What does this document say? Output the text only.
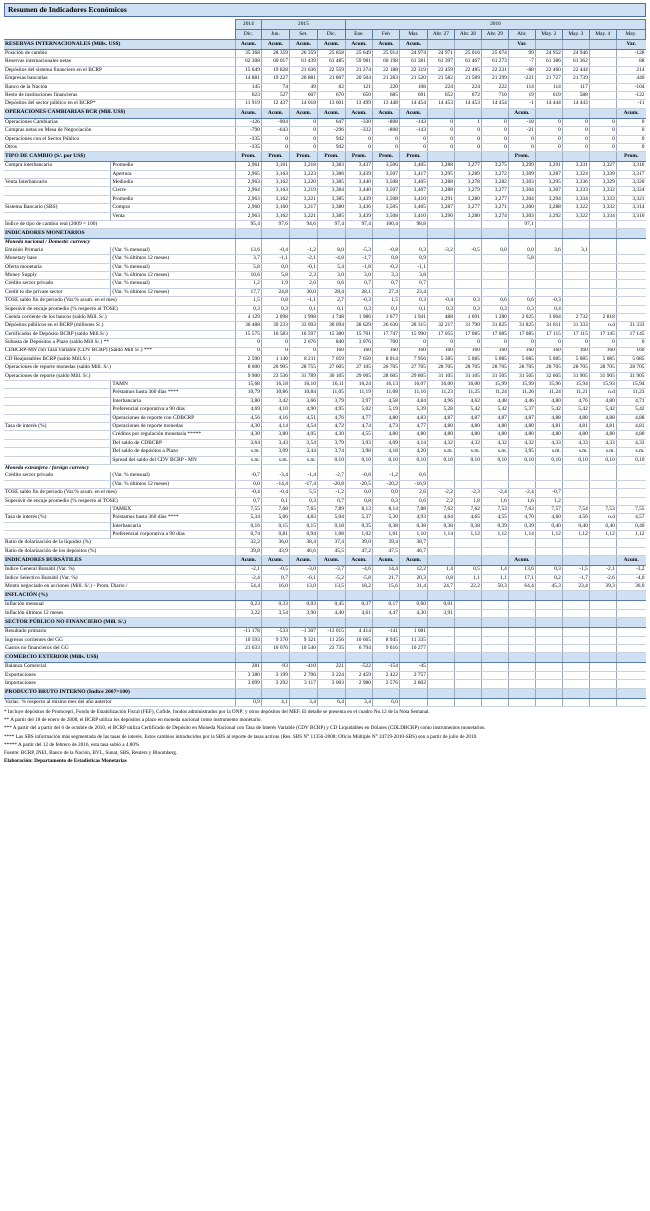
Resumen de Indicadores Económicos
		2014	2015			2016										
		Dic.	Jun.	Set.	Dic.	Ene.	Feb	Mar.	Abr. 27	Abr. 28	Abr. 29	Abr.	May. 2	May. 3	May. 4	May.
RESERVAS INTERNACIONALES (Mills. US$)		Acum.	Acum.	Acum.	Acum.	Acum.	Acum.	Acum.				Var.				Var.
Posición de cambio		35 368	28 359	26 359	25 858	25 649	25 014	24 974	24 971	25 016	25 074	99	24 952	24 946		-128
Reservas internacionales netas		62 308	60 017	61 439	61 485	59 981	60 198	61 281	61 397	61 467	61 273	-7	61 386	61 362		88
Depósitos del sistema financiero en el BCRP		15 649	19 828	21 636	22 559	21 274	22 188	22 319	22 459	22 485	22 231	-88	22 460	22 444		214
Empresas bancarias		14 881	19 227	20 881	21 807	20 504	21 283	21 520	21 582	21 589	21 299	-221	21 727	21 739		440
Banco de la Nación		145	74	49	82	121	220	108	224	224	222	114	114	117		-104
Resto de instituciones financieras		623	527	607	670	650	685	691	652	672	710	19	619	588		-122
Depósitos del sector público en el BCRP*		11 919	12 437	14 018	13 601	13 499	13 448	14 454	14 453	14 453	14 454	-1	14 444	14 443		-11
OPERACIONES CAMBIARIAS BCR (Mill. US$)		Acum.	Acum.	Acum.	Acum.	Acum.	Acum.	Acum.				Acum.				Acum.
Operaciones Cambiarias		-126	-904	0	647	-330	-808	-143	0	1	0	-18	0	0	0	0
Compras netas en Mesa de Negociación		-790	-643	0	-296	-332	-808	-143	0	0	0	-21	0	0	0	0
Operaciones con el Sector Público		-335	0	0	942	0	0	0	0	0	0	0	0	0	0	0
Otros		-335	0	0	942	0	0	0	0	0	0	0	0	0	0	0
TIPO DE CAMBIO (S/. por US$)		Prom.	Prom.	Prom.	Prom.	Prom.	Prom.	Prom.				Prom.				Prom.
Compra interbancario	Promedio	2,961	3,161	3,218	3,383	3,437	3,506	3,405	3,288	3,277	3,275	3,299	3,291	3,331	3,327	3,316
	Apertura	2,965	3,163	3,223	3,386	3,439	3,507	3,417	3,295	3,289	3,272	3,309	3,287	3,324	3,339	3,317
Venta Interbancario	Mediodía	2,963	3,162	3,220	3,385	3,440	3,508	3,405	3,288	3,278	3,282	3,303	3,295	3,336	3,329	3,320
	Cierre	2,964	3,163	3,219	3,384	3,440	3,507	3,407	3,288	3,279	3,277	3,304	3,307	3,333	3,332	3,324
	Promedio	2,963	3,162	3,221	3,385	3,439	3,508	3,410	3,291	3,280	3,277	3,304	3,294	3,334	3,333	3,321
Sistema Bancario (SBS)	Compra	2,960	3,160	3,217	3,380	3,436	3,505	3,405	3,287	3,277	3,271	3,300	3,288	3,322	3,332	3,314
	Venta	2,963	3,162	3,221	3,385	3,439	3,508	3,410	3,290	3,280	3,274	3,303	3,292	3,322	3,334	3,316
Índice de tipo de cambio real (2009 = 100)		95,4	97,6	94,6	97,4	97,4	100,4	98,8				97,1				
INDICADORES MONETARIOS																
Moneda nacional / Domestic currency																
Emisión Primaria	(Var. % mensual)	13,6	-0,4	-1,2	8,0	-5,3	-0,8	0,3	-3,2	-0,5	0,0	0,0	3,6	3,1		
Monetary base	(Var. % últimos 12 meses)	3,7	-1,1	-2,1	-4,8	-1,7	0,8	0,9				5,8				
Oferta monetaria	(Var. % mensual)	5,8	0,0	-0,1	5,4	-1,8	-0,2	-1,1								
Money Supply	(Var. % últimos 12 meses)	10,6	5,8	2,3	3,0	3,0	3,3	3,8								
Crédito sector privado	(Var. % mensual)	1,2	1,9	2,6	0,6	0,7	0,7	0,7								
Credit to the private sector	(Var. % últimos 12 meses)	17,7	24,8	30,0	28,4	28,1	27,4	23,4								
TOSE saldo fin de periodo (Var.% acum. en el mes)		1,5	0,8	-1,1	2,7	-0,3	1,5	0,3	-0,4	0,3	0,6	0,6	-0,3			
Superávit de encaje promedio (% respecto al TOSE)		0,3	0,3	0,1	0,1	0,3	0,1	0,1	0,3	0,3	0,3	0,3	0,4			
Cuenta corriente de los bancos (saldo Mill. S/.)		4 129	2 098	1 998	1 748	1 986	1 677	1 941	488	1 691	1 280	2 025	3 064	2 732	2 818	
Depósitos públicos en el BCRP (millones S/.)		36 488	39 233	33 693	30 694	28 629	26 630	28 315	32 217	31 790	31 825	31 825	31 811	31 333	n.d	31 333
Certificados de Depósito BCRP (saldo Mill.S/.)		15 575	16 583	16 597	15 380	15 701	17 747	15 990	17 055	17 085	17 085	17 085	17 115	17 115	17 145	17 145
Subasta de Depósitos a Plazo (saldo Mill S/.) **		0	0	2 676	840	3 076	700	0	0	0	0	0	0	0	0	0
CDBCRP-MN con Tasa Variable (CDV BCRP) (Saldo Mill S/.) ***		0	0	0	160	160	160	160	160	160	160	160	160	160	160	160
CD Reajustables BCRP (saldo Mill.S/.)		2 590	1 140	8 211	7 059	7 650	8 014	7 956	5 385	5 085	5 085	5 085	5 085	5 085	5 085	5 085
Operaciones de reporte monedas (saldo Mill. S/.)		8 600	20 905	28 755	27 605	27 105	26 705	27 705	28 705	28 705	28 705	28 705	28 705	28 705	28 705	28 705
Operaciones de reporte (saldo Mill. S/.)		9 900	23 536	31 789	30 105	29 005	28 605	29 805	31 105	31 105	31 505	31 505	32 605	31 905	31 905	31 905
	TAMN	15,68	16,18	16,10	16,11	16,24	16,13	16,07	16,00	16,00	15,99	15,99	15,96	15,94	15,93	15,94
	Préstamos hasta 360 días ****	10,79	10,86	10,84	11,05	11,19	11,08	11,16	11,23	11,25	11,24	11,26	11,24	11,21	n.d	11,23
	Interbancaria	3,80	3,42	3,66	3,79	3,97	4,58	4,84	4,96	4,62	4,48	4,46	4,80	4,76	4,80	4,71
	Preferencial corporativa a 90 días	4,69	4,10	4,90	4,95	5,02	5,19	5,39	5,28	5,42	5,42	5,37	5,42	5,42	5,42	5,42
	Operaciones de reporte con CDBCRP	4,56	4,16	4,51	4,76	4,77	4,80	4,83	4,87	4,87	4,87	4,87	4,88	4,88	4,88	4,88
Tasa de interés (%)	Operaciones de reporte monedas	4,30	4,14	4,54	4,72	4,74	4,73	4,77	4,80	4,80	4,80	4,80	4,81	4,81	4,81	4,81
	Créditos por regulación monetaria *****	4,30	3,80	4,05	4,30	4,55	4,80	4,80	4,80	4,80	4,80	4,80	4,80	4,80	4,80	4,80
	Del saldo de CDBCRP	3,64	3,43	3,54	3,79	3,93	4,09	4,14	4,32	4,32	4,32	4,32	4,33	4,33	4,33	4,33
	Del saldo de depósitos a Plazo	s.m.	3,09	3,44	3,74	3,98	4,18	4,20	s.m.	s.m.	s.m.	3,95	s.m.	s.m.	s.m.	s.m.
	Spread del saldo del CDV BCRP - MN	s.m.	s.m.	s.m.	0,10	0,10	0,10	0,10	0,10	0,10	0,10	0,10	0,10	0,10	0,10	0,10
Moneda extranjera / foreign currency																
Crédito sector privado	(Var. % mensual)	-0,7	-3,4	-1,4	-2,7	-0,6	-1,2	0,6								
	(Var. % últimos 12 meses)	0,0	-14,4	-17,4	-20,8	-20,5	-20,2	-16,9								
TOSE saldo fin de periodo (Var.% acum. en el mes)		-0,4	-0,4	5,5	-1,2	0,0	0,0	2,6	-2,2	-2,3	-2,4	-2,4	-0,7			
Superávit de encaje promedio (% respecto al TOSE)		0,7	0,1	0,3	0,7	0,8	0,3	0,6	2,2	1,8	1,6	1,6	1,2			
	TAMEX	7,55	7,68	7,65	7,89	8,13	8,14	7,88	7,62	7,62	7,53	7,63	7,57	7,54	7,53	7,55
Tasa de interés (%)	Préstamos hasta 360 días ****	5,34	5,06	4,83	5,04	5,37	5,30	4,93	4,64	4,65	4,55	4,70	4,60	4,56	n.d	4,57
	Interbancaria	0,16	0,15	0,15	0,18	0,35	0,38	0,38	0,38	0,38	0,39	0,39	0,40	0,40	0,40	0,40
	Preferencial corporativa a 90 días	0,74	0,81	0,94	1,08	1,02	1,01	1,10	1,14	1,12	1,12	1,14	1,12	1,12	1,12	1,12
Ratio de dolarización de la liquidez (%)		32,2	36,0	38,4	37,4	39,0	39,4	38,7								
Ratio de dolarización de los depósitos (%)		39,8	43,9	46,6	45,5	47,2	47,5	46,7								
INDICADORES BURSÁTILES		Acum.	Acum.	Acum.	Acum.	Acum.	Acum.	Acum.				Acum.				Acum.
Índice General Bursátil (Var. %)		-2,1	-0,5	-3,0	-3,7	-4,6	14,4	12,2	1,4	0,5	1,4	13,6	0,3	-1,5	-2,1	-3,2
Índice Selectivo Bursátil (Var. %)		-2,4	0,7	-6,1	-5,2	-5,8	21,7	20,3	0,8	1,1	1,1	17,1	0,2	-1,7	-2,6	-4,0
Monto negociado en acciones (Mill. S/.) - Prom. Diario /		54,4	16,0	13,0	13,5	18,2	15,6	31,4	24,7	22,2	50,3	64,4	45,3	23,4	39,3	36,0
INFLACIÓN (%)																
Inflación mensual		0,23	0,33	0,03	0,45	0,37	0,17	0,60	0,01							
Inflación últimos 12 meses		3,22	3,54	3,90	4,40	4,61	4,47	4,30	3,91							
SECTOR PÚBLICO NO FINANCIERO (Mill. S/.)																
Resultado primario		-11 178	-533	-1 307	-13 015	4 414	-141	1 081								
Ingresos corrientes del GG		10 593	9 370	9 321	11 256	10 665	8 945	11 335								
Gastos no financieros del GG		21 633	10 076	10 540	23 735	6 794	9 616	10 277								
COMERCIO EXTERIOR (Mills. US$)																
Balanza Comercial		281	-93	-410	221	-522	-154	-45								
Exportaciones		3 380	3 199	2 706	3 224	2 459	2 422	2 757								
Importaciones		3 099	3 292	3 117	3 003	2 980	2 576	2 802								
PRODUCTO BRUTO INTERNO (Índice 2007=100)																
Variac. % respecto al mismo mes del año anterior		0,9	4,1	3,4	6,4	3,4	6,0									
* Incluye depósitos de Promcepri, Fondo de Estabilización Fiscal (FEF), Cofide, fondos administrados por la ONP; y otros depósitos del MEF. El detalle se presenta en el cuadro No.12 de la Nota Semanal.
** A partir del 18 de enero de 2008, el BCRP utiliza los depósitos a plazo en moneda nacional como instrumento monetario.
*** A partir del a partir del 6 de octubre de 2010, el BCRP utiliza Certificado de Depósito en Moneda Nacional con Tasa de Interés Variable (CDV BCRP) y CD Liquidables en Dólares (CDLDBCRP) como instrumentos monetarios.
**** Las SBS información más segmentada de las tasas de interés. Estos cambios introducidos por la SBS al reporte de tasas activas (Res. SBS N° 11356-2008; Oficio Múltiple N° 24719-2010-SBS) son a partir de julio de 2010.
***** A partir del 12 de febrero de 2016, esta tasa subió a 4.80%
Fuente: BCRP, INEI, Banco de la Nación, BVL, Sunat, SBS, Reuters y Bloomberg.
Elaboración: Departamento de Estadísticas Monetarias
